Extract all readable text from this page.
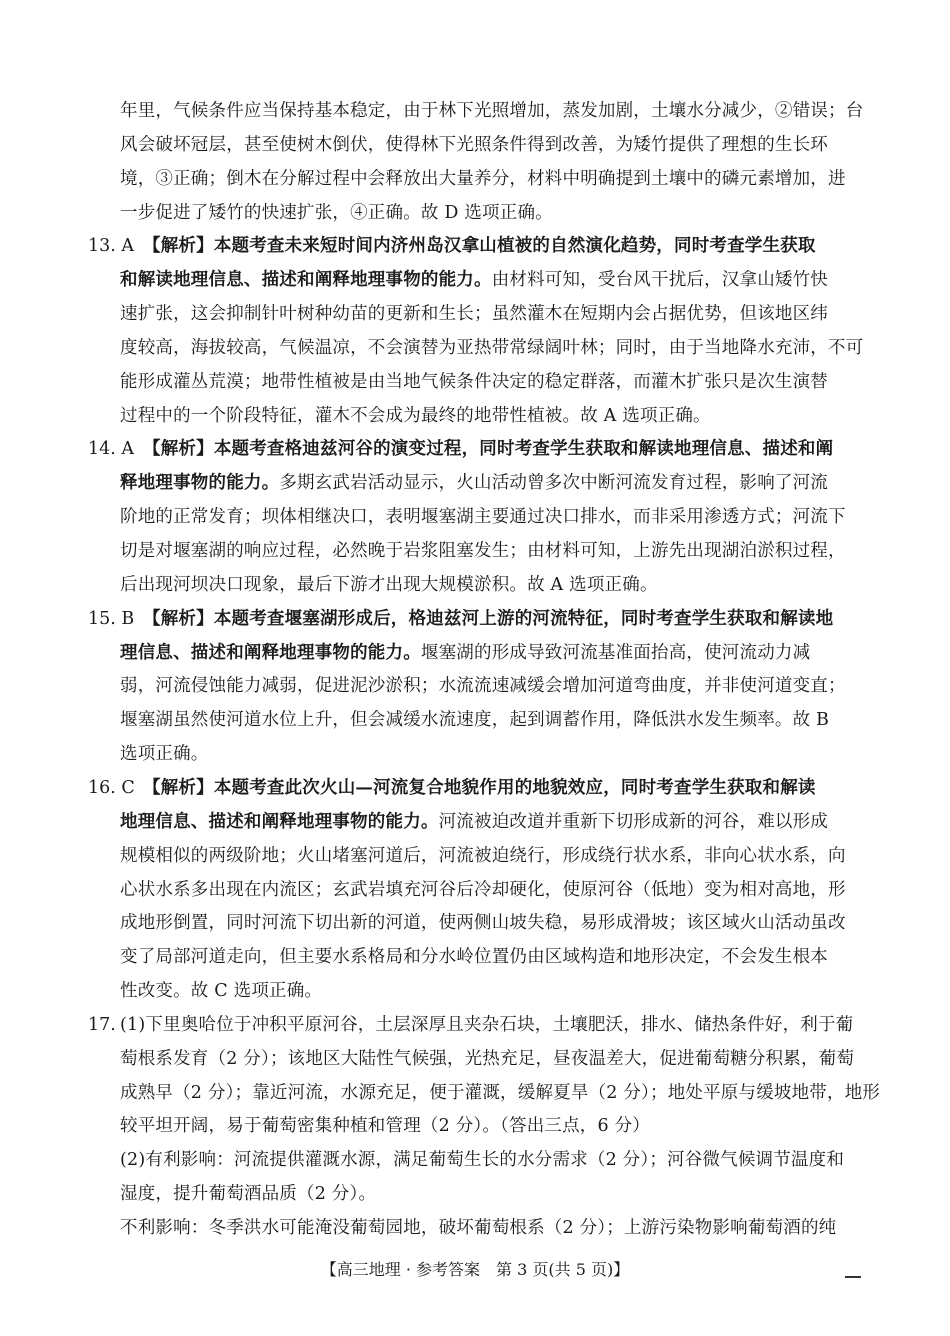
年里，气候条件应当保持基本稳定，由于林下光照增加，蒸发加剧，土壤水分减少，②错误；台
风会破坏冠层，甚至使树木倒伏，使得林下光照条件得到改善，为矮竹提供了理想的生长环
境，③正确；倒木在分解过程中会释放出大量养分，材料中明确提到土壤中的磷元素增加，进
一步促进了矮竹的快速扩张，④正确。故 D 选项正确。
13. A 【解析】本题考查未来短时间内济州岛汉拿山植被的自然演化趋势，同时考查学生获取
和解读地理信息、描述和阐释地理事物的能力。由材料可知，受台风干扰后，汉拿山矮竹快
速扩张，这会抑制针叶树种幼苗的更新和生长；虽然灌木在短期内会占据优势，但该地区纬
度较高，海拔较高，气候温凉，不会演替为亚热带常绿阔叶林；同时，由于当地降水充沛，不可
能形成灌丛荒漠；地带性植被是由当地气候条件决定的稳定群落，而灌木扩张只是次生演替
过程中的一个阶段特征，灌木不会成为最终的地带性植被。故 A 选项正确。
14. A 【解析】本题考查格迪兹河谷的演变过程，同时考查学生获取和解读地理信息、描述和阐
释地理事物的能力。多期玄武岩活动显示，火山活动曾多次中断河流发育过程，影响了河流
阶地的正常发育；坝体相继决口，表明堰塞湖主要通过决口排水，而非采用渗透方式；河流下
切是对堰塞湖的响应过程，必然晚于岩浆阻塞发生；由材料可知，上游先出现湖泊淤积过程，
后出现河坝决口现象，最后下游才出现大规模淤积。故 A 选项正确。
15. B 【解析】本题考查堰塞湖形成后，格迪兹河上游的河流特征，同时考查学生获取和解读地
理信息、描述和阐释地理事物的能力。堰塞湖的形成导致河流基准面抬高，使河流动力减
弱，河流侵蚀能力减弱，促进泥沙淤积；水流流速减缓会增加河道弯曲度，并非使河道变直；
堰塞湖虽然使河道水位上升，但会减缓水流速度，起到调蓄作用，降低洪水发生频率。故 B
选项正确。
16. C 【解析】本题考查此次火山—河流复合地貌作用的地貌效应，同时考查学生获取和解读
地理信息、描述和阐释地理事物的能力。河流被迫改道并重新下切形成新的河谷，难以形成
规模相似的两级阶地；火山堵塞河道后，河流被迫绕行，形成绕行状水系，非向心状水系，向
心状水系多出现在内流区；玄武岩填充河谷后冷却硬化，使原河谷（低地）变为相对高地，形
成地形倒置，同时河流下切出新的河道，使两侧山坡失稳，易形成滑坡；该区域火山活动虽改
变了局部河道走向，但主要水系格局和分水岭位置仍由区域构造和地形决定，不会发生根本
性改变。故 C 选项正确。
17. (1)下里奥哈位于冲积平原河谷，土层深厚且夹杂石块，土壤肥沃，排水、储热条件好，利于葡
萄根系发育（2 分）；该地区大陆性气候强，光热充足，昼夜温差大，促进葡萄糖分积累，葡萄
成熟早（2 分）；靠近河流，水源充足，便于灌溉，缓解夏旱（2 分）；地处平原与缓坡地带，地形
较平坦开阔，易于葡萄密集种植和管理（2 分）。（答出三点，6 分）
(2)有利影响：河流提供灌溉水源，满足葡萄生长的水分需求（2 分）；河谷微气候调节温度和
湿度，提升葡萄酒品质（2 分）。
不利影响：冬季洪水可能淹没葡萄园地，破坏葡萄根系（2 分）；上游污染物影响葡萄酒的纯
【高三地理 · 参考答案　第 3 页(共 5 页)】
